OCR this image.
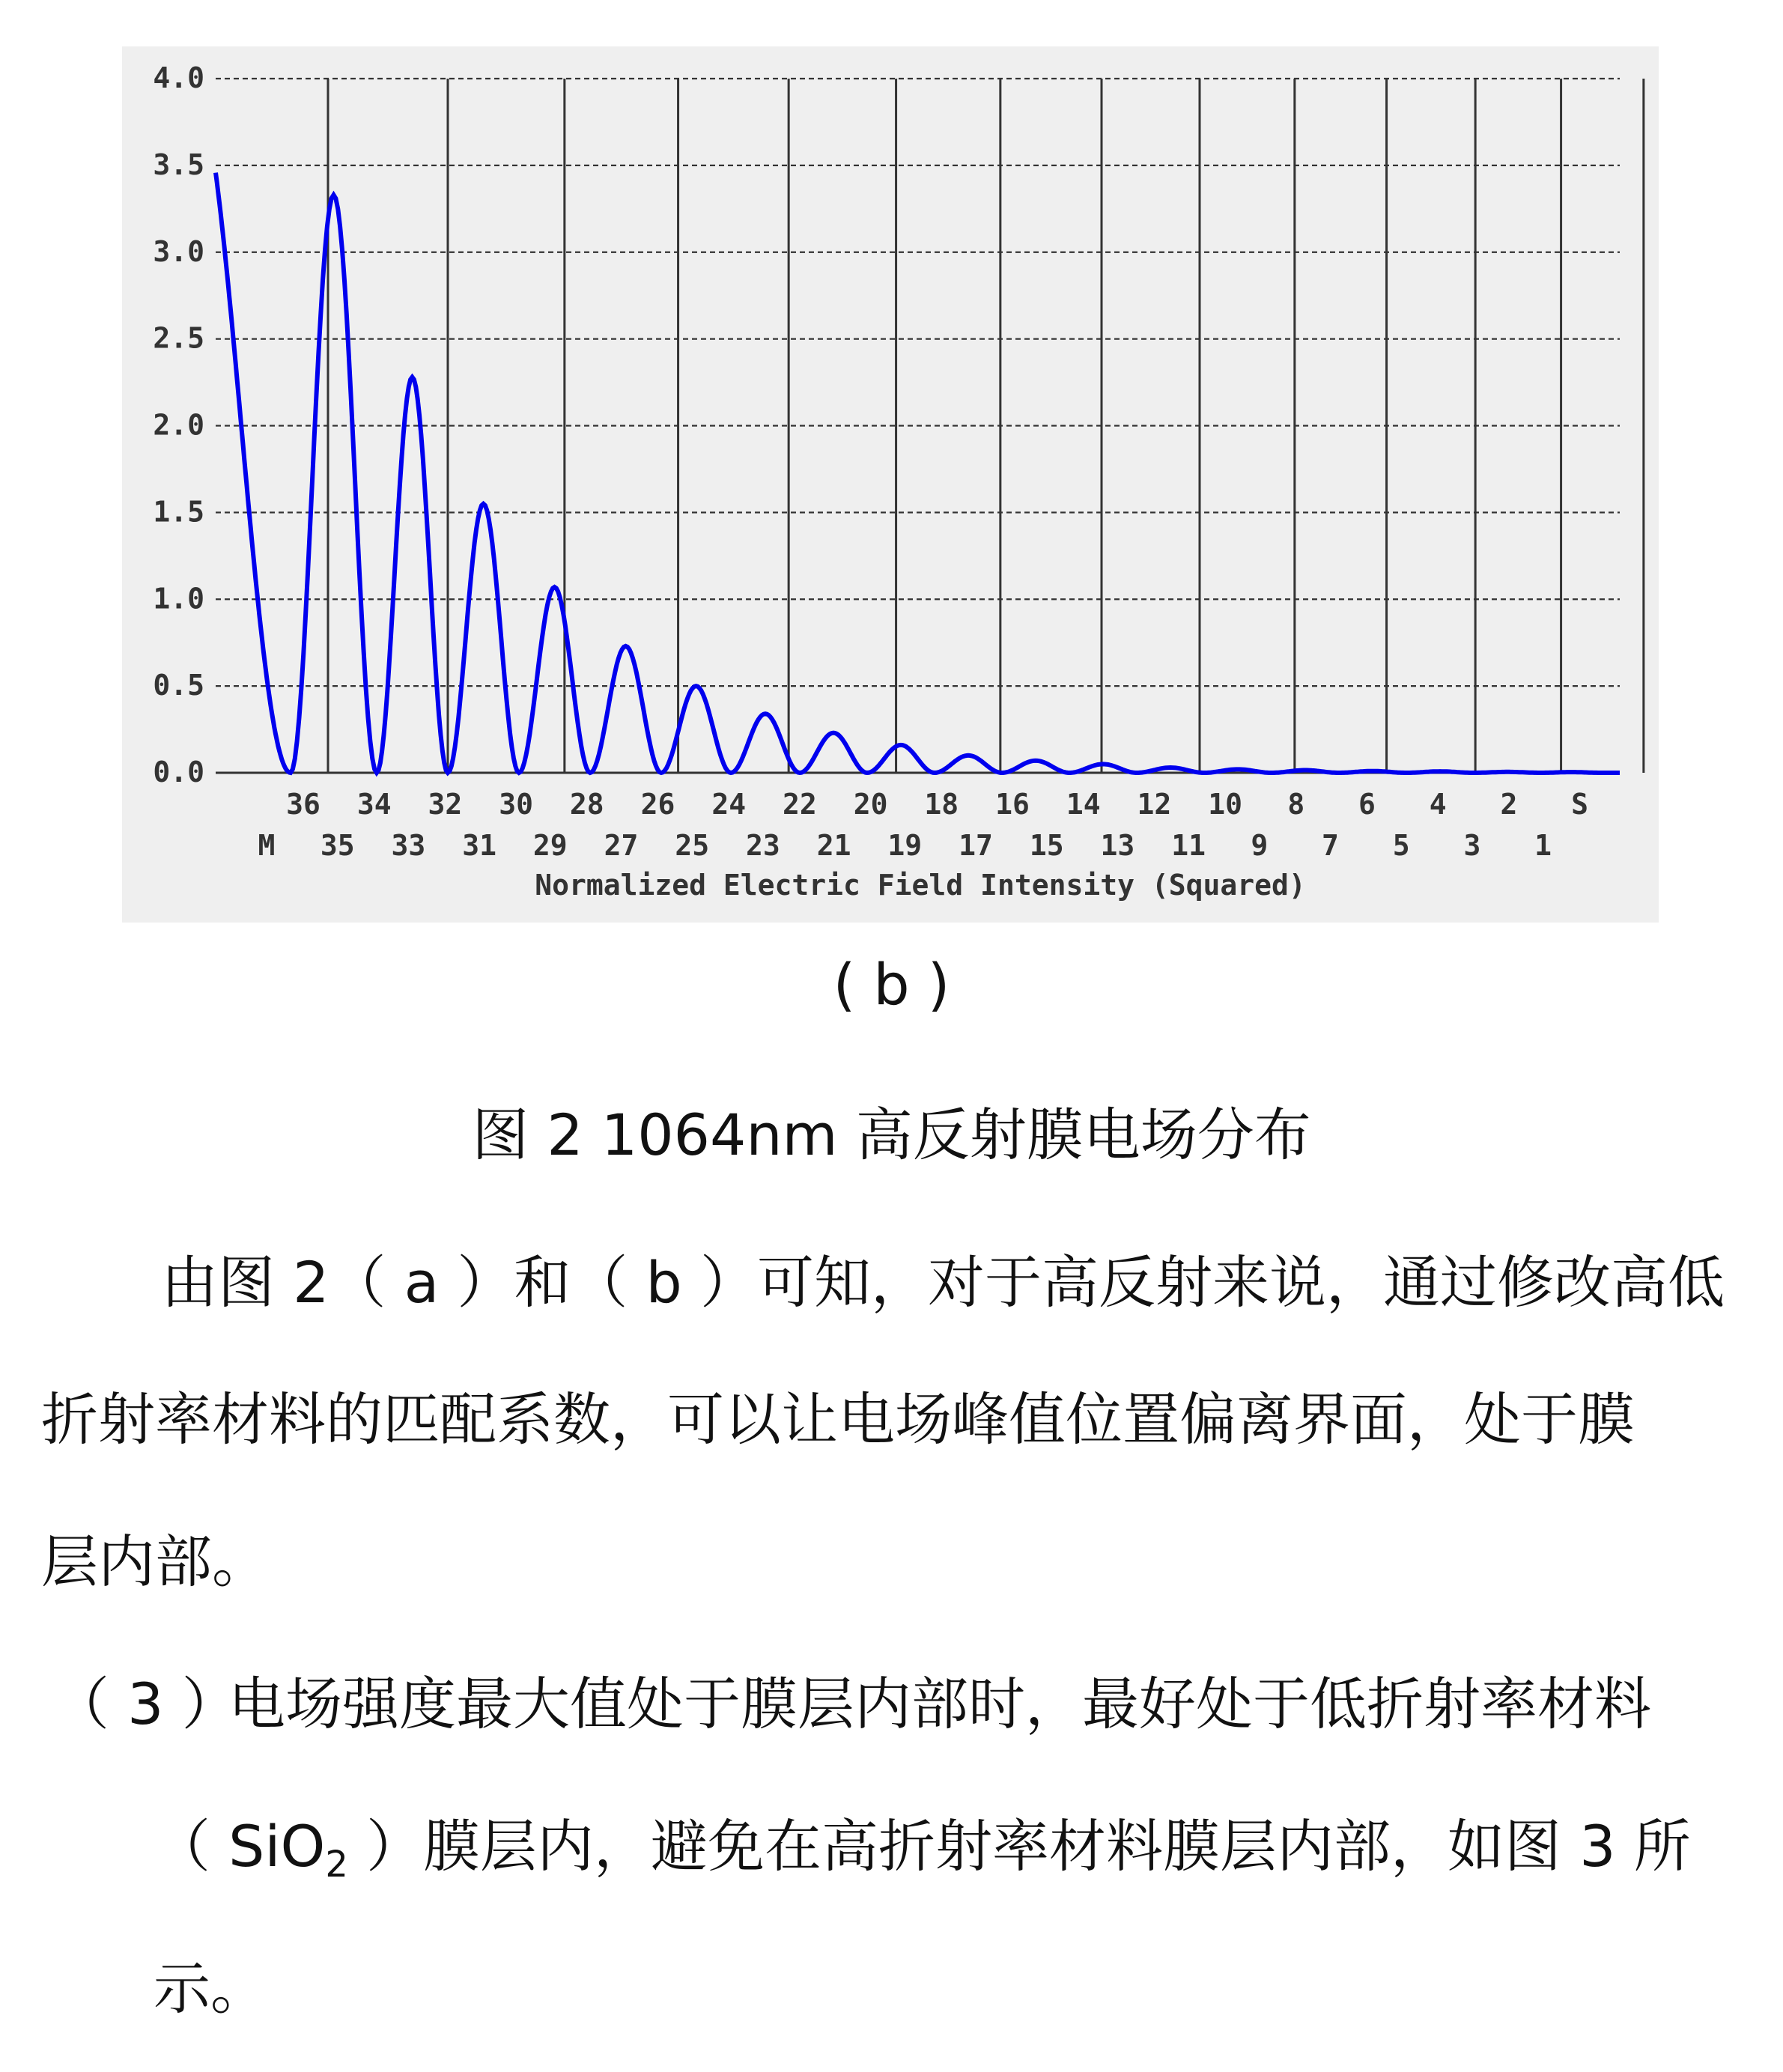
0.0
0.5
1.0
1.5
2.0
2.5
3.0
3.5
4.0
36 34 32 30 28 26 24 22 20 18 16 14 12 10 8 6 4 2 S
M 35 33 31 29 27 25 23 21 19 17 15 13 11 9 7 5 3 1
Normalized Electric Field Intensity (Squared)
( b )
图 2 1064nm 高反射膜电场分布
由图 2（ a ）和（ b ）可知，对于高反射来说，通过修改高低
折射率材料的匹配系数，可以让电场峰值位置偏离界面，处于膜
层内部。
（ 3 ）
电场强度最大值处于膜层内部时，最好处于低折射率材料
（ SiO$_2$ ）膜层内，避免在高折射率材料膜层内部，如图 3 所
示。
